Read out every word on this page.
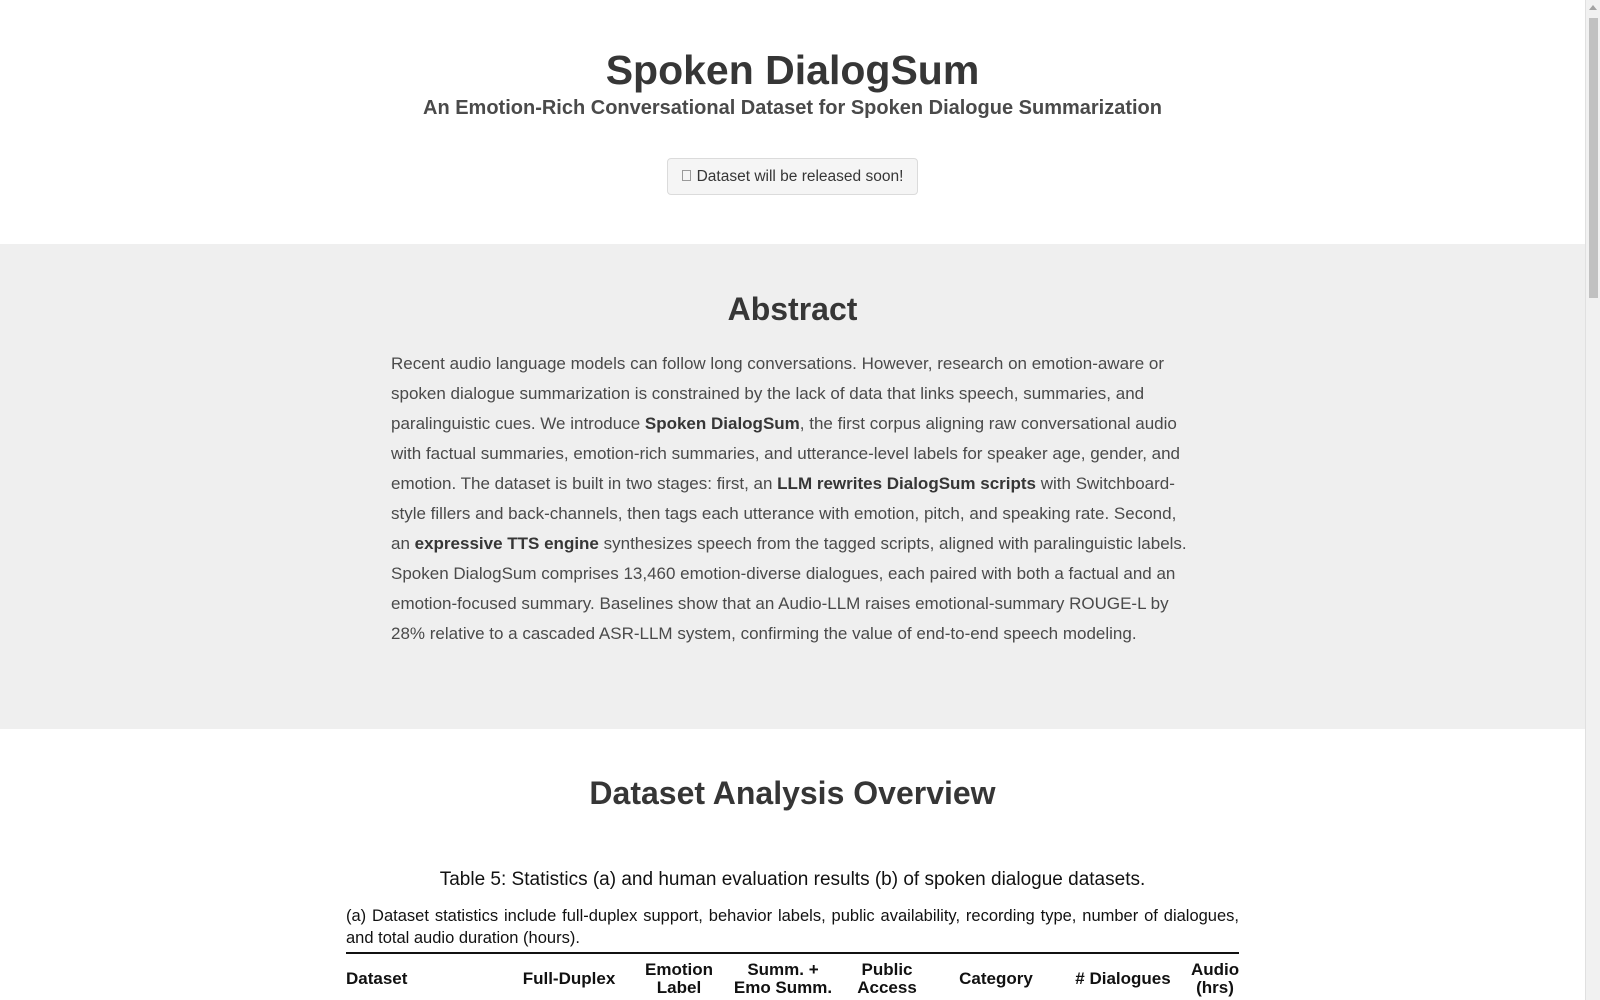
Spoken DialogSum
An Emotion-Rich Conversational Dataset for Spoken Dialogue Summarization
Dataset will be released soon!
Abstract

Recent audio language models can follow long conversations. However, research on emotion-aware or spoken dialogue summarization is constrained by the lack of data that links speech, summaries, and paralinguistic cues. We introduce Spoken DialogSum, the first corpus aligning raw conversational audio with factual summaries, emotion-rich summaries, and utterance-level labels for speaker age, gender, and emotion. The dataset is built in two stages: first, an LLM rewrites DialogSum scripts with Switchboard-style fillers and back-channels, then tags each utterance with emotion, pitch, and speaking rate. Second, an expressive TTS engine synthesizes speech from the tagged scripts, aligned with paralinguistic labels. Spoken DialogSum comprises 13,460 emotion-diverse dialogues, each paired with both a factual and an emotion-focused summary. Baselines show that an Audio-LLM raises emotional-summary ROUGE-L by 28% relative to a cascaded ASR-LLM system, confirming the value of end-to-end speech modeling.

Dataset Analysis Overview
Table 5: Statistics (a) and human evaluation results (b) of spoken dialogue datasets.
(a) Dataset statistics include full-duplex support, behavior labels, public availability, recording type, number of dialogues, and total audio duration (hours).
Dataset	Full-Duplex	Emotion Label	Summ. + Emo Summ.	Public Access	Category	# Dialogues	Audio (hrs)
